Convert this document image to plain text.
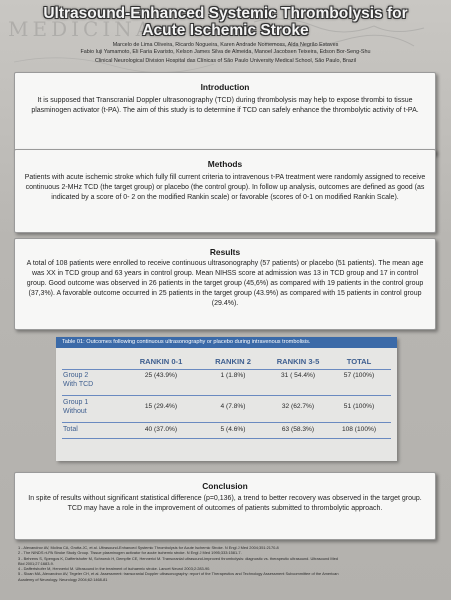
MEDICINA
Ultrasound-Enhanced Systemic Thrombolysis for
Acute Ischemic Stroke
Marcelo de Lima Oliveira, Ricardo Nogueira, Karen Andrade Nomemoss, Alda Negrão Estaves
Fabio Iuji Yamamoto, Eli Faria Evaristo, Kelson James Silva de Almeida, Manoel Jacobsen Teixeira, Edson Bor-Seng-Shu
Clinical Neurological Division Hospital das Clínicas of São Paulo University Medical School, São Paulo, Brazil
Introduction

It is supposed that Transcranial Doppler ultrasonography (TCD) during thrombolysis may help to expose thrombi to tissue plasminogen activator (t-PA). The aim of this study is to determine if TCD can safely enhance the thrombolytic activity of t-PA.

Methods

Patients with acute ischemic stroke which fully fill current criteria to intravenous t-PA treatment were randomly assigned to receive continuous 2-MHz TCD (the target group) or placebo (the control group). In follow up analysis, outcomes are defined as good (as indicated by a score of 0- 2 on the modified Rankin scale) or favorable (scores of 0-1 on modified Rankin Scale).

Results

A total of 108 patients were enrolled to receive continuous ultrasonography (57 patients) or placebo (51 patients). The mean age was XX in TCD group and 63 years in control group. Mean NIHSS score at admission was 13 in TCD group and 17 in control group. Good outcome was observed in 26 patients in the target group (45,6%) as compared with 19 patients in the control group (37,3%). A favorable outcome occurred in 25 patients in the target group (43.9%) as compared with 15 patients in control group (29.4%).

Table 01: Outcomes following continuous ultrasonography or placebo during intravenous trombolisis.
RANKIN 0-1	RANKIN 2	RANKIN 3-5	TOTAL
Group 2
With TCD
25 (43.9%)	1 (1.8%)	31 ( 54.4%)	57 (100%)
Group 1
Without
15 (29.4%)	4 (7.8%)	32 (62.7%)	51 (100%)
Total	40 (37.0%)	5 (4.6%)	63 (58.3%)	108 (100%)
Conclusion

In spite of results without significant statistical difference (p=0,136), a trend to better recovery was observed in the target group. TCD may have a role in the improvement of outcomes of patients submitted to thrombolytic approach.

1 - Alexandrov AV, Molina CA, Grotta JC, et al. Ultrasound-Enhanced Systemic Thrombolysis for Acute Ischemic Stroke. N Engl J Med 2004;351:2170-8
2 - The NINDS rt-PA Stroke Study Group. Tissue plasminogen activator for acute ischemic stroke. N Engl J Med 1995;333:1581-7.
3 - Behrens S, Spengos K, Daffertshofer M, Schroeck H, Dempfle CE, Hennerici M. Transcranial ultrasound-improved thrombolysis: diagnostic vs. therapeutic ultrasound. Ultrasound Med
Biol 2001;27:1683-9.
4 - Daffertshofer M, Hennerici M. Ultrasound in the treatment of ischaemic stroke. Lancet Neurol 2003;2:283-90.
5 - Sloan MA, Alexandrov AV, Tegeler CH, et al. Assessment: transcranial Doppler ultrasonography: report of the Therapeutics and Technology Assessment Subcommittee of the American
Academy of Neurology. Neurology 2004;62:1468-81
